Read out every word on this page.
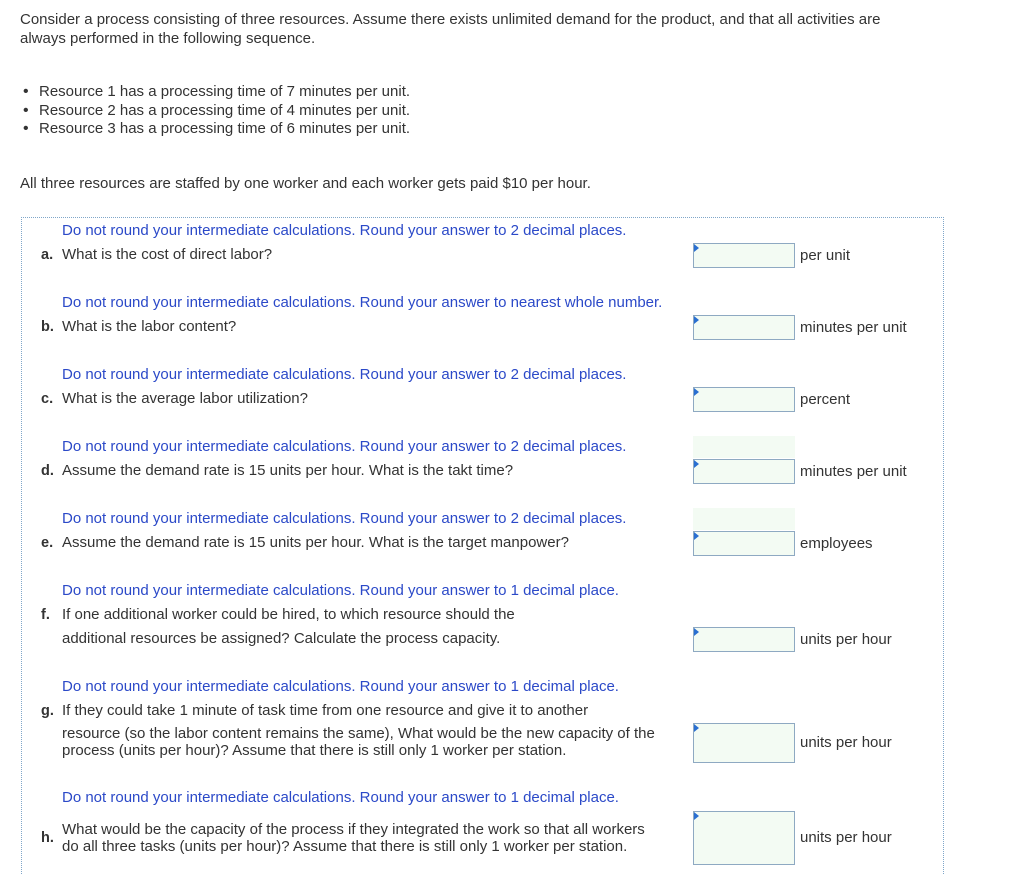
Consider a process consisting of three resources. Assume there exists unlimited demand for the product, and that all activities are

always performed in the following sequence.

• Resource 1 has a processing time of 7 minutes per unit.
• Resource 2 has a processing time of 4 minutes per unit.
• Resource 3 has a processing time of 6 minutes per unit.

All three resources are staffed by one worker and each worker gets paid $10 per hour.

Do not round your intermediate calculations. Round your answer to 2 decimal places.
a. What is the cost of direct labor?	per unit
Do not round your intermediate calculations. Round your answer to nearest whole number.
b. What is the labor content?	minutes per unit
Do not round your intermediate calculations. Round your answer to 2 decimal places.
c. What is the average labor utilization?	percent
Do not round your intermediate calculations. Round your answer to 2 decimal places.
d. Assume the demand rate is 15 units per hour. What is the takt time?	minutes per unit
Do not round your intermediate calculations. Round your answer to 2 decimal places.
e. Assume the demand rate is 15 units per hour. What is the target manpower?	employees
Do not round your intermediate calculations. Round your answer to 1 decimal place.
f. If one additional worker could be hired, to which resource should the
additional resources be assigned? Calculate the process capacity.	units per hour
Do not round your intermediate calculations. Round your answer to 1 decimal place.
g. If they could take 1 minute of task time from one resource and give it to another
resource (so the labor content remains the same), What would be the new capacity of the
process (units per hour)? Assume that there is still only 1 worker per station.	units per hour
Do not round your intermediate calculations. Round your answer to 1 decimal place.
h. What would be the capacity of the process if they integrated the work so that all workers
do all three tasks (units per hour)? Assume that there is still only 1 worker per station.
units per hour
